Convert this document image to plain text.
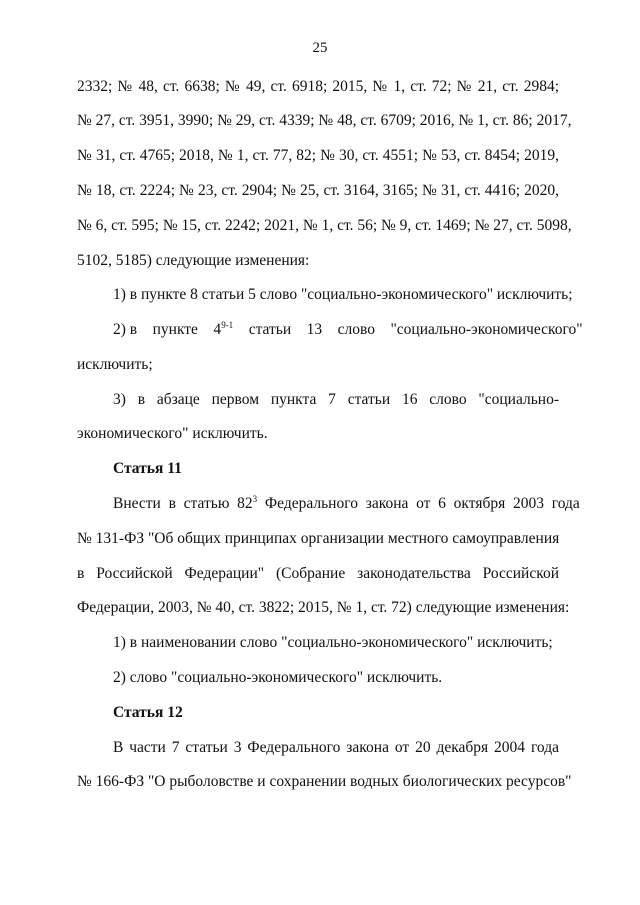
25
2332; № 48, ст. 6638; № 49, ст. 6918; 2015, № 1, ст. 72; № 21, ст. 2984;
№ 27, ст. 3951, 3990; № 29, ст. 4339; № 48, ст. 6709; 2016, № 1, ст. 86; 2017,
№ 31, ст. 4765; 2018, № 1, ст. 77, 82; № 30, ст. 4551; № 53, ст. 8454; 2019,
№ 18, ст. 2224; № 23, ст. 2904; № 25, ст. 3164, 3165; № 31, ст. 4416; 2020,
№ 6, ст. 595; № 15, ст. 2242; 2021, № 1, ст. 56; № 9, ст. 1469; № 27, ст. 5098,
5102, 5185) следующие изменения:
1) в пункте 8 статьи 5 слово "социально-экономического" исключить;
2) в    пункте    4$^{9-1}$    статьи    13    слово    "социально-экономического"
исключить;
3) в абзаце первом пункта 7 статьи 16 слово "социально-
экономического" исключить.
Статья 11
Внести  в  статью  $82^3$  Федерального  закона  от  6  октября  2003  года
№ 131-ФЗ "Об общих принципах организации местного самоуправления
в Российской Федерации" (Собрание законодательства Российской
Федерации, 2003, № 40, ст. 3822; 2015, № 1, ст. 72) следующие изменения:
1) в наименовании слово "социально-экономического" исключить;
2) слово "социально-экономического" исключить.
Статья 12
В части 7 статьи 3 Федерального закона от 20 декабря 2004 года
№ 166-ФЗ "О рыболовстве и сохранении водных биологических ресурсов"
